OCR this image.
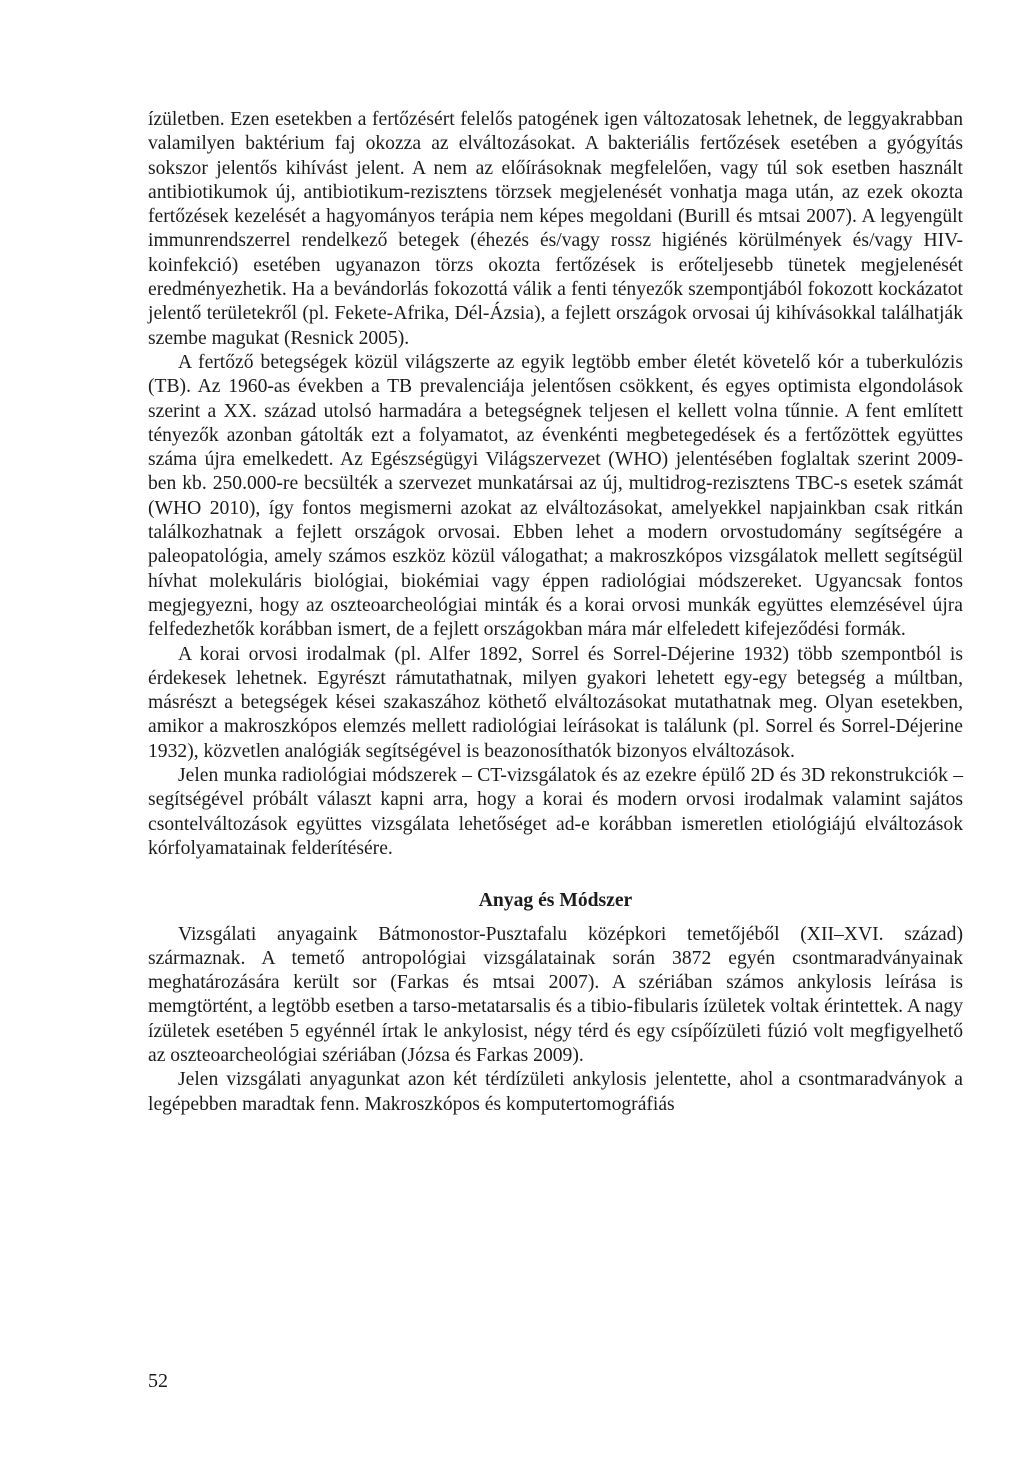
ízületben. Ezen esetekben a fertőzésért felelős patogének igen változatosak lehetnek, de leggyakrabban valamilyen baktérium faj okozza az elváltozásokat. A bakteriális fertőzések esetében a gyógyítás sokszor jelentős kihívást jelent. A nem az előírásoknak megfelelően, vagy túl sok esetben használt antibiotikumok új, antibiotikum-rezisztens törzsek megjelenését vonhatja maga után, az ezek okozta fertőzések kezelését a hagyományos terápia nem képes megoldani (Burill és mtsai 2007). A legyengült immunrendszerrel rendelkező betegek (éhezés és/vagy rossz higiénés körülmények és/vagy HIV-koinfekció) esetében ugyanazon törzs okozta fertőzések is erőteljesebb tünetek megjelenését eredményezhetik. Ha a bevándorlás fokozottá válik a fenti tényezők szempontjából fokozott kockázatot jelentő területekről (pl. Fekete-Afrika, Dél-Ázsia), a fejlett országok orvosai új kihívásokkal találhatják szembe magukat (Resnick 2005).

A fertőző betegségek közül világszerte az egyik legtöbb ember életét követelő kór a tuberkulózis (TB). Az 1960-as években a TB prevalenciája jelentősen csökkent, és egyes optimista elgondolások szerint a XX. század utolsó harmadára a betegségnek teljesen el kellett volna tűnnie. A fent említett tényezők azonban gátolták ezt a folyamatot, az évenkénti megbetegedések és a fertőzöttek együttes száma újra emelkedett. Az Egészségügyi Világszervezet (WHO) jelentésében foglaltak szerint 2009-ben kb. 250.000-re becsülték a szervezet munkatársai az új, multidrog-rezisztens TBC-s esetek számát (WHO 2010), így fontos megismerni azokat az elváltozásokat, amelyekkel napjainkban csak ritkán találkozhatnak a fejlett országok orvosai. Ebben lehet a modern orvostudomány segítségére a paleopatológia, amely számos eszköz közül válogathat; a makroszkópos vizsgálatok mellett segítségül hívhat molekuláris biológiai, biokémiai vagy éppen radiológiai módszereket. Ugyancsak fontos megjegyezni, hogy az oszteoarcheológiai minták és a korai orvosi munkák együttes elemzésével újra felfedezhetők korábban ismert, de a fejlett országokban mára már elfeledett kifejeződési formák.

A korai orvosi irodalmak (pl. Alfer 1892, Sorrel és Sorrel-Déjerine 1932) több szempontból is érdekesek lehetnek. Egyrészt rámutathatnak, milyen gyakori lehetett egy-egy betegség a múltban, másrészt a betegségek kései szakaszához köthető elváltozásokat mutathatnak meg. Olyan esetekben, amikor a makroszkópos elemzés mellett radiológiai leírásokat is találunk (pl. Sorrel és Sorrel-Déjerine 1932), közvetlen analógiák segítségével is beazonosíthatók bizonyos elváltozások.

Jelen munka radiológiai módszerek – CT-vizsgálatok és az ezekre épülő 2D és 3D rekonstrukciók – segítségével próbált választ kapni arra, hogy a korai és modern orvosi irodalmak valamint sajátos csontelváltozások együttes vizsgálata lehetőséget ad-e korábban ismeretlen etiológiájú elváltozások kórfolyamatainak felderítésére.

Anyag és Módszer

Vizsgálati anyagaink Bátmonostor-Pusztafalu középkori temetőjéből (XII–XVI. század) származnak. A temető antropológiai vizsgálatainak során 3872 egyén csontmaradványainak meghatározására került sor (Farkas és mtsai 2007). A szériában számos ankylosis leírása is memgtörtént, a legtöbb esetben a tarso-metatarsalis és a tibio-fibularis ízületek voltak érintettek. A nagy ízületek esetében 5 egyénnél írtak le ankylosist, négy térd és egy csípőízületi fúzió volt megfigyelhető az oszteoarcheológiai szériában (Józsa és Farkas 2009).

Jelen vizsgálati anyagunkat azon két térdízületi ankylosis jelentette, ahol a csontmaradványok a legépebben maradtak fenn. Makroszkópos és komputertomográfiás

52
